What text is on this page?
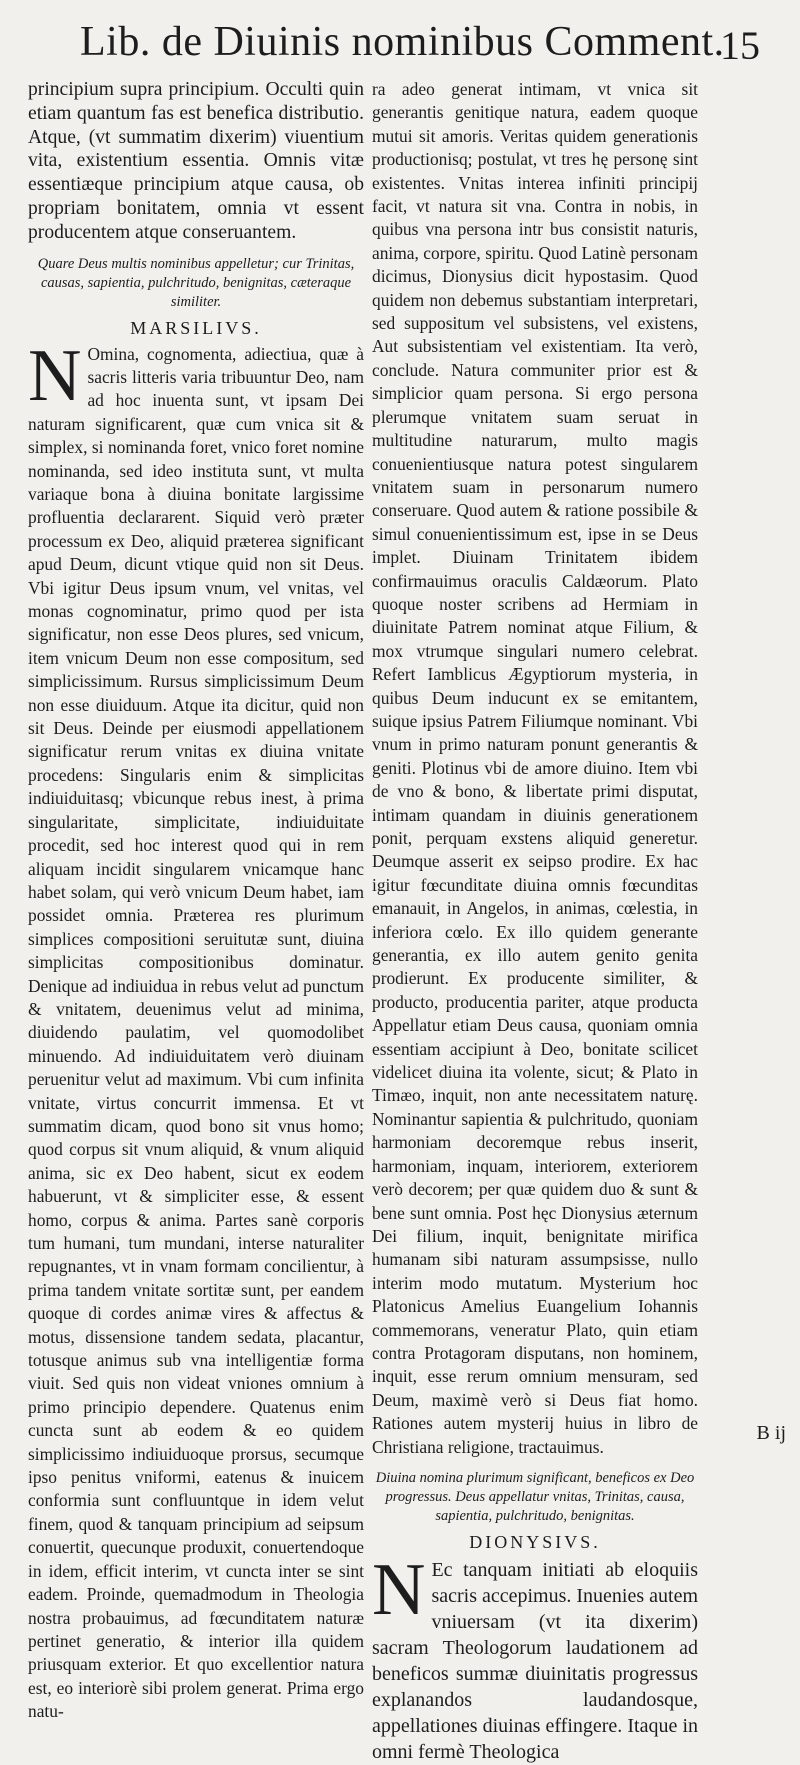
Lib. de Diuinis nominibus Comment.
15

principium supra principium. Occulti quin etiam quantum fas est benefica distributio. Atque, (vt summatim dixerim) viuentium vita, existentium essentia. Omnis vitæ essentiæque principium atque causa, ob propriam bonitatem, omnia vt essent producentem atque conseruantem.

Quare Deus multis nominibus appelletur; cur Trinitas, causas, sapientia, pulchritudo, benignitas, cæteraque similiter.
MARSILIVS.

N Omina, cognomenta, adiectiua, quæ à sacris litteris varia tribuuntur Deo, nam ad hoc inuenta sunt, vt ipsam Dei naturam significarent, quæ cum vnica sit & simplex, si nominanda foret, vnico foret nomine nominanda, sed ideo instituta sunt, vt multa variaque bona à diuina bonitate largissime profluentia declararent. Siquid verò præter processum ex Deo, aliquid præterea significant apud Deum, dicunt vtique quid non sit Deus. Vbi igitur Deus ipsum vnum, vel vnitas, vel monas cognominatur, primo quod per ista significatur, non esse Deos plures, sed vnicum, item vnicum Deum non esse compositum, sed simplicissimum. Rursus simplicissimum Deum non esse diuiduum. Atque ita dicitur, quid non sit Deus. Deinde per eiusmodi appellationem significatur rerum vnitas ex diuina vnitate procedens: Singularis enim & simplicitas indiuiduitasq; vbicunque rebus inest, à prima singularitate, simplicitate, indiuiduitate procedit, sed hoc interest quod qui in rem aliquam incidit singularem vnicamque hanc habet solam, qui verò vnicum Deum habet, iam possidet omnia. Præterea res plurimum simplices compositioni seruitutæ sunt, diuina simplicitas compositionibus dominatur. Denique ad indiuidua in rebus velut ad punctum & vnitatem, deuenimus velut ad minima, diuidendo paulatim, vel quomodolibet minuendo. Ad indiuiduitatem verò diuinam peruenitur velut ad maximum. Vbi cum infinita vnitate, virtus concurrit immensa. Et vt summatim dicam, quod bono sit vnus homo; quod corpus sit vnum aliquid, & vnum aliquid anima, sic ex Deo habent, sicut ex eodem habuerunt, vt & simpliciter esse, & essent homo, corpus & anima. Partes sanè corporis tum humani, tum mundani, interse naturaliter repugnantes, vt in vnam formam concilientur, à prima tandem vnitate sortitæ sunt, per eandem quoque di cordes animæ vires & affectus & motus, dissensione tandem sedata, placantur, totusque animus sub vna intelligentiæ forma viuit. Sed quis non videat vniones omnium à primo principio dependere. Quatenus enim cuncta sunt ab eodem & eo quidem simplicissimo indiuiduoque prorsus, secumque ipso penitus vniformi, eatenus & inuicem conformia sunt confluuntque in idem velut finem, quod & tanquam principium ad seipsum conuertit, quecunque produxit, conuertendoque in idem, efficit interim, vt cuncta inter se sint eadem. Proinde, quemadmodum in Theologia nostra probauimus, ad fœcunditatem naturæ pertinet generatio, & interior illa quidem priusquam exterior. Et quo excellentior natura est, eo interiorè sibi prolem generat. Prima ergo natu-

ra adeo generat intimam, vt vnica sit generantis genitique natura, eadem quoque mutui sit amoris. Veritas quidem generationis productionisq; postulat, vt tres hę personę sint existentes. Vnitas interea infiniti principij facit, vt natura sit vna. Contra in nobis, in quibus vna persona intr bus consistit naturis, anima, corpore, spiritu. Quod Latinè personam dicimus, Dionysius dicit hypostasim. Quod quidem non debemus substantiam interpretari, sed suppositum vel subsistens, vel existens, Aut subsistentiam vel existentiam. Ita verò, conclude. Natura communiter prior est & simplicior quam persona. Si ergo persona plerumque vnitatem suam seruat in multitudine naturarum, multo magis conuenientiusque natura potest singularem vnitatem suam in personarum numero conseruare. Quod autem & ratione possibile & simul conuenientissimum est, ipse in se Deus implet. Diuinam Trinitatem ibidem confirmauimus oraculis Caldæorum. Plato quoque noster scribens ad Hermiam in diuinitate Patrem nominat atque Filium, & mox vtrumque singulari numero celebrat. Refert Iamblicus Ægyptiorum mysteria, in quibus Deum inducunt ex se emitantem, suique ipsius Patrem Filiumque nominant. Vbi vnum in primo naturam ponunt generantis & geniti. Plotinus vbi de amore diuino. Item vbi de vno & bono, & libertate primi disputat, intimam quandam in diuinis generationem ponit, perquam exstens aliquid generetur. Deumque asserit ex seipso prodire. Ex hac igitur fœcunditate diuina omnis fœcunditas emanauit, in Angelos, in animas, cœlestia, in inferiora cœlo. Ex illo quidem generante generantia, ex illo autem genito genita prodierunt. Ex producente similiter, & producto, producentia pariter, atque producta Appellatur etiam Deus causa, quoniam omnia essentiam accipiunt à Deo, bonitate scilicet videlicet diuina ita volente, sicut; & Plato in Timæo, inquit, non ante necessitatem naturę. Nominantur sapientia & pulchritudo, quoniam harmoniam decoremque rebus inserit, harmoniam, inquam, interiorem, exteriorem verò decorem; per quæ quidem duo & sunt & bene sunt omnia. Post hęc Dionysius æternum Dei filium, inquit, benignitate mirifica humanam sibi naturam assumpsisse, nullo interim modo mutatum. Mysterium hoc Platonicus Amelius Euangelium Iohannis commemorans, veneratur Plato, quin etiam contra Protagoram disputans, non hominem, inquit, esse rerum omnium mensuram, sed Deum, maximè verò si Deus fiat homo. Rationes autem mysterij huius in libro de Christiana religione, tractauimus.

Diuina nomina plurimum significant, beneficos ex Deo progressus. Deus appellatur vnitas, Trinitas, causa, sapientia, pulchritudo, benignitas.
DIONYSIVS.

N Ec tanquam initiati ab eloquiis sacris accepimus. Inuenies autem vniuersam (vt ita dixerim) sacram Theologorum laudationem ad beneficos summæ diuinitatis progressus explanandos laudandosque, appellationes diuinas effingere. Itaque in omni fermè Theologica

B ij
